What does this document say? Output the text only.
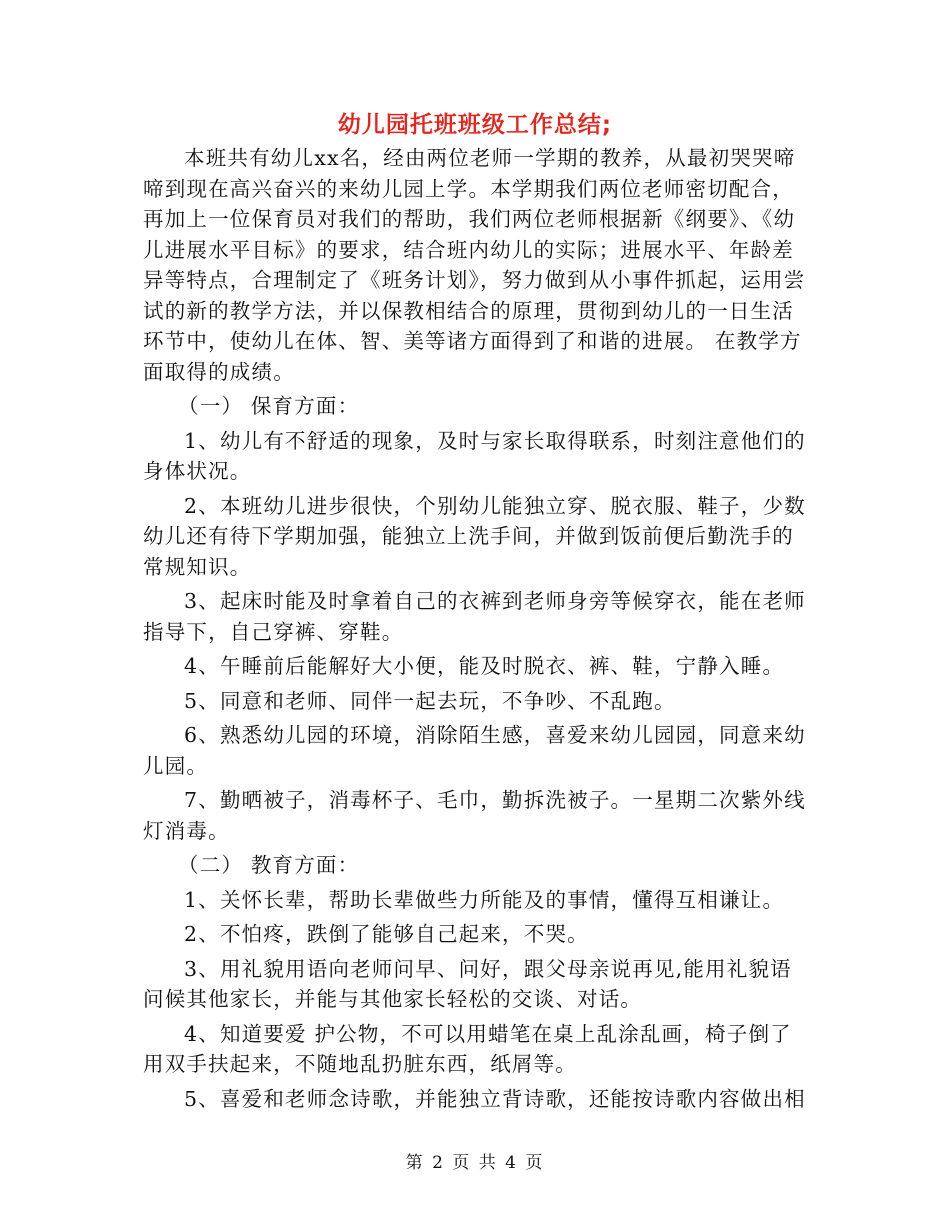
幼儿园托班班级工作总结;

本班共有幼儿xx名，经由两位老师一学期的教养，从最初哭哭啼啼到现在高兴奋兴的来幼儿园上学。本学期我们两位老师密切配合，再加上一位保育员对我们的帮助，我们两位老师根据新《纲要》、《幼儿进展水平目标》的要求，结合班内幼儿的实际；进展水平、年龄差异等特点，合理制定了《班务计划》，努力做到从小事件抓起，运用尝试的新的教学方法，并以保教相结合的原理，贯彻到幼儿的一日生活环节中，使幼儿在体、智、美等诸方面得到了和谐的进展。 在教学方面取得的成绩。

（一） 保育方面：

1、幼儿有不舒适的现象，及时与家长取得联系，时刻注意他们的身体状况。

2、本班幼儿进步很快，个别幼儿能独立穿、脱衣服、鞋子，少数幼儿还有待下学期加强，能独立上洗手间，并做到饭前便后勤洗手的常规知识。

3、起床时能及时拿着自己的衣裤到老师身旁等候穿衣，能在老师指导下，自己穿裤、穿鞋。

4、午睡前后能解好大小便，能及时脱衣、裤、鞋，宁静入睡。

5、同意和老师、同伴一起去玩，不争吵、不乱跑。

6、熟悉幼儿园的环境，消除陌生感，喜爱来幼儿园园，同意来幼儿园。

7、勤晒被子，消毒杯子、毛巾，勤拆洗被子。一星期二次紫外线灯消毒。

（二） 教育方面：

1、关怀长辈，帮助长辈做些力所能及的事情，懂得互相谦让。

2、不怕疼，跌倒了能够自己起来，不哭。

3、用礼貌用语向老师问早、问好，跟父母亲说再见,能用礼貌语问候其他家长，并能与其他家长轻松的交谈、对话。

4、知道要爱 护公物，不可以用蜡笔在桌上乱涂乱画，椅子倒了用双手扶起来，不随地乱扔脏东西，纸屑等。

5、喜爱和老师念诗歌，并能独立背诗歌，还能按诗歌内容做出相

第 2 页 共 4 页
